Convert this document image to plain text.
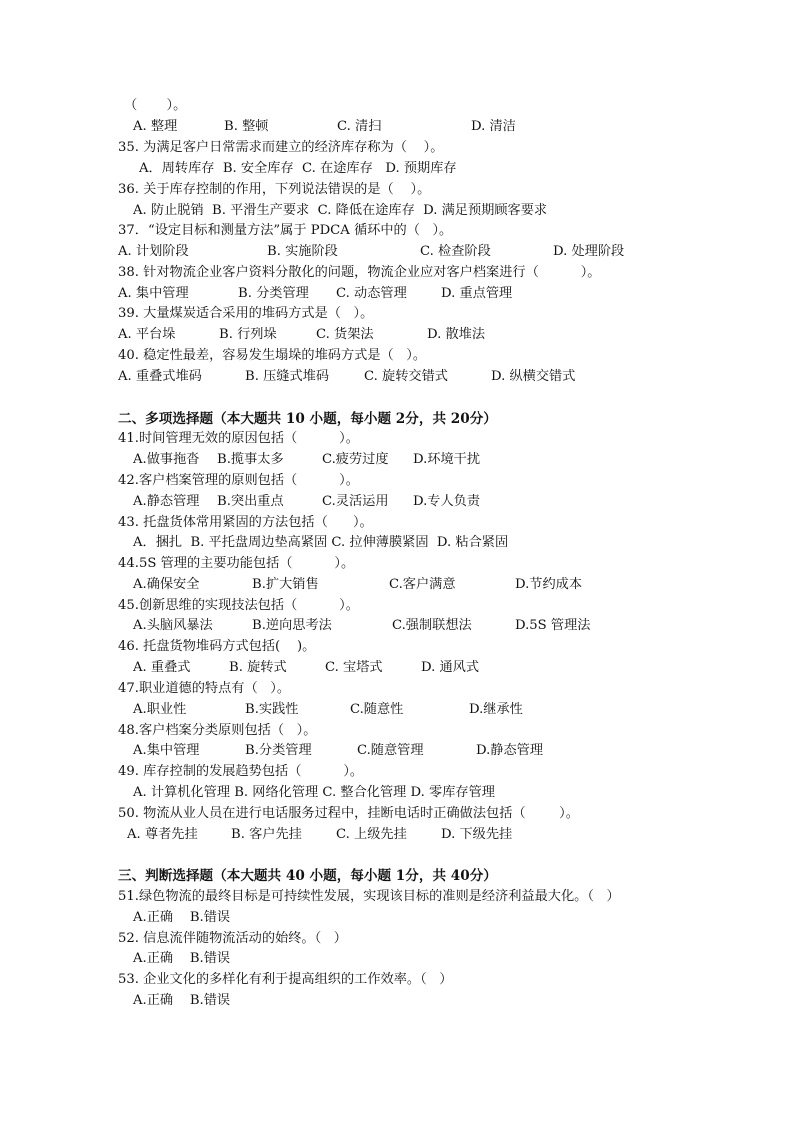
（       ）。

A. 整理

	B. 整顿

	C. 清扫

	D. 清洁

35. 为满足客户日常需求而建立的经济库存称为（    ）。
A．周转库存  B. 安全库存  C. 在途库存   D. 预期库存
36. 关于库存控制的作用，下列说法错误的是（    ）。
A. 防止脱销  B. 平滑生产要求  C. 降低在途库存  D. 满足预期顾客要求
37．“设定目标和测量方法”属于 PDCA 循环中的（   ）。

A. 计划阶段

	B. 实施阶段

	C. 检查阶段

	D. 处理阶段

38. 针对物流企业客户资料分散化的问题，物流企业应对客户档案进行（          ）。

A. 集中管理

	B. 分类管理

C. 动态管理

	D. 重点管理

39. 大量煤炭适合采用的堆码方式是（   ）。

A. 平台垛

	B. 行列垛

	C. 货架法

	D. 散堆法

40. 稳定性最差，容易发生塌垛的堆码方式是（   ）。

A. 重叠式堆码

	B. 压缝式堆码

	C. 旋转交错式

	D. 纵横交错式

二、多项选择题（本大题共 10 小题，每小题 2分，共 20分）
41.时间管理无效的原因包括（          ）。

A.做事拖沓

B.揽事太多

	C.疲劳过度

D.环境干扰

42.客户档案管理的原则包括（          ）。

A.静态管理

B.突出重点

	C.灵活运用

D.专人负责

43. 托盘货体常用紧固的方法包括（      ）。
A．捆扎  B. 平托盘周边垫高紧固 C. 拉伸薄膜紧固  D. 粘合紧固
44.5S 管理的主要功能包括（          ）。

A.确保安全

	B.扩大销售

	C.客户满意

	D.节约成本

45.创新思维的实现技法包括（          ）。

A.头脑风暴法

	B.逆向思考法

	C.强制联想法

	D.5S 管理法

46. 托盘货物堆码方式包括(    )。

A. 重叠式

	B. 旋转式

	C. 宝塔式

	D. 通风式

47.职业道德的特点有（   ）。

A.职业性

	B.实践性

	C.随意性

	D.继承性

48.客户档案分类原则包括（   ）。

A.集中管理

	B.分类管理

	C.随意管理

	D.静态管理

49. 库存控制的发展趋势包括（          ）。
A. 计算机化管理 B. 网络化管理 C. 整合化管理 D. 零库存管理
50. 物流从业人员在进行电话服务过程中，挂断电话时正确做法包括（        ）。

A. 尊者先挂

	B. 客户先挂

	C. 上级先挂

	D. 下级先挂

三、判断选择题（本大题共 40 小题，每小题 1分，共 40分）
51.绿色物流的最终目标是可持续性发展，实现该目标的准则是经济利益最大化。（   ）
A.正确    B.错误
52. 信息流伴随物流活动的始终。（   ）
A.正确    B.错误
53. 企业文化的多样化有利于提高组织的工作效率。（   ）
A.正确    B.错误
